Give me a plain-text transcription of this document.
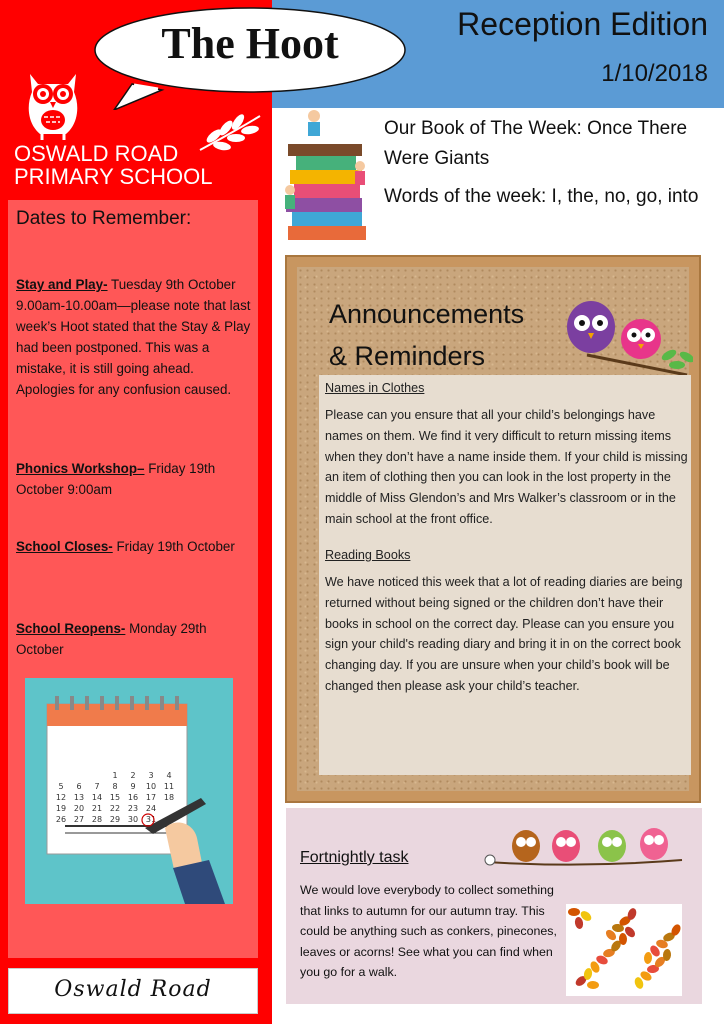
Reception Edition
1/10/2018
The Hoot
OSWALD ROAD
PRIMARY SCHOOL
Dates to Remember:
Stay and Play- Tuesday 9th October 9.00am-10.00am—please note that last week’s Hoot stated that the Stay & Play had been postponed. This was a mistake, it is still going ahead. Apologies for any confusion caused.
Phonics Workshop– Friday 19th October 9:00am
School Closes- Friday 19th October
School Reopens- Monday 29th October
1 2 3 4
5 6 7 8 9 10 11
12 13 14 15 16 17 18
19 20 21 22 23 24
26 27 28 29 30 31
Oswald Road
Our Book of The Week: Once There Were Giants
Words of the week: I, the, no, go, into
Announcements
& Reminders
Names in Clothes
Please can you ensure that all your child’s belongings have names on them. We find it very difficult to return missing items when they don’t have a name inside them. If your child is missing an item of clothing then you can look in the lost property in the middle of Miss Glendon’s and Mrs Walker’s classroom or in the main school at the front office.
Reading Books
We have noticed this week that a lot of reading diaries are being returned without being signed or the children don’t have their books in school on the correct day. Please can you ensure you sign your child's reading diary and bring it in on the correct book changing day. If you are unsure when your child’s book will be changed then please ask your child’s teacher.
Fortnightly task
We would love everybody to collect something that links to autumn for our autumn tray. This could be anything such as conkers, pinecones, leaves or acorns! See what you can find when you go for a walk.
